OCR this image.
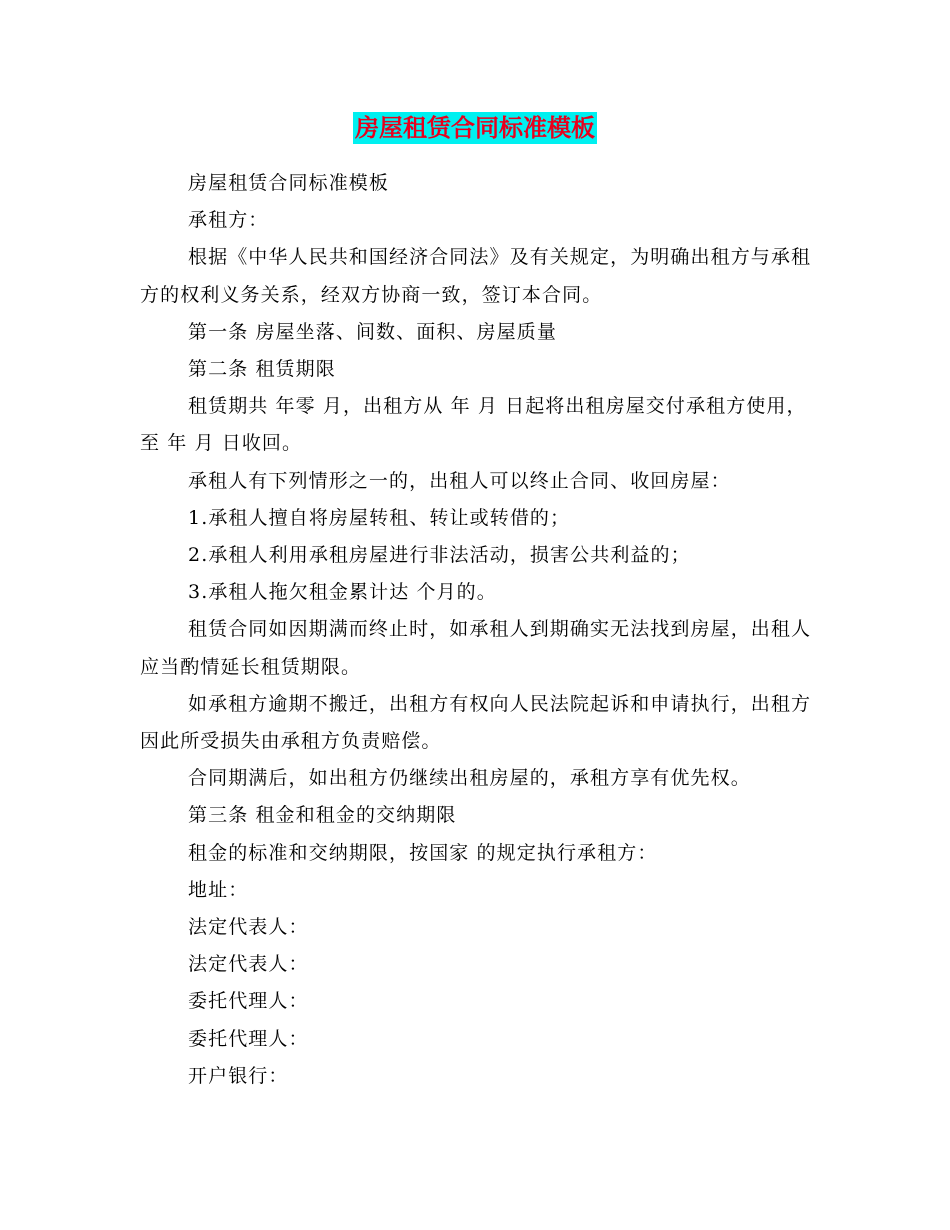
房屋租赁合同标准模板

房屋租赁合同标准模板

承租方：

根据《中华人民共和国经济合同法》及有关规定，为明确出租方与承租方的权利义务关系，经双方协商一致，签订本合同。

第一条 房屋坐落、间数、面积、房屋质量

第二条 租赁期限

租赁期共 年零 月，出租方从 年 月 日起将出租房屋交付承租方使用，至 年 月 日收回。

承租人有下列情形之一的，出租人可以终止合同、收回房屋：

1.承租人擅自将房屋转租、转让或转借的；

2.承租人利用承租房屋进行非法活动，损害公共利益的；

3.承租人拖欠租金累计达 个月的。

租赁合同如因期满而终止时，如承租人到期确实无法找到房屋，出租人应当酌情延长租赁期限。

如承租方逾期不搬迁，出租方有权向人民法院起诉和申请执行，出租方因此所受损失由承租方负责赔偿。

合同期满后，如出租方仍继续出租房屋的，承租方享有优先权。

第三条 租金和租金的交纳期限

租金的标准和交纳期限，按国家 的规定执行承租方：

地址：

法定代表人：

法定代表人：

委托代理人：

委托代理人：

开户银行：
